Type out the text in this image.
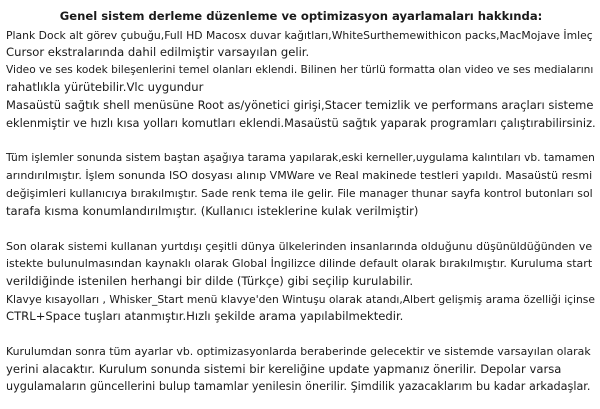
Genel sistem derleme düzenleme ve optimizasyon ayarlamaları hakkında:
Plank Dock alt görev çubuğu,Full HD Macosx duvar kağıtları,WhiteSurthemewithicon packs,MacMojave İmleç
Cursor ekstralarında dahil edilmiştir varsayılan gelir.
Video ve ses kodek bileşenlerini temel olanları eklendi. Bilinen her türlü formatta olan video ve ses medialarını
rahatlıkla yürütebilir.Vlc uygundur
Masaüstü sağtık shell menüsüne Root as/yönetici girişi,Stacer temizlik ve performans araçları sisteme
eklenmiştir ve hızlı kısa yolları komutları eklendi.Masaüstü sağtık yaparak programları çalıştırabilirsiniz.
Tüm işlemler sonunda sistem baştan aşağıya tarama yapılarak,eski kerneller,uygulama kalıntıları vb. tamamen
arındırılmıştır. İşlem sonunda ISO dosyası alınıp VMWare ve Real makinede testleri yapıldı. Masaüstü resmi
değişimleri kullanıcıya bırakılmıştır. Sade renk tema ile gelir. File manager thunar sayfa kontrol butonları sol
tarafa kısma konumlandırılmıştır. (Kullanıcı isteklerine kulak verilmiştir)
Son olarak sistemi kullanan yurtdışı çeşitli dünya ülkelerinden insanlarında olduğunu düşünüldüğünden ve
istekte bulunulmasından kaynaklı olarak Global İngilizce dilinde default olarak bırakılmıştır. Kuruluma start
verildiğinde istenilen herhangi bir dilde (Türkçe) gibi seçilip kurulabilir.
Klavye kısayolları , Whisker_Start menü klavye'den Wintuşu olarak atandı,Albert gelişmiş arama özelliği içinse
CTRL+Space tuşları atanmıştır.Hızlı şekilde arama yapılabilmektedir.
Kurulumdan sonra tüm ayarlar vb. optimizasyonlarda beraberinde gelecektir ve sistemde varsayılan olarak
yerini alacaktır. Kurulum sonunda sistemi bir kereliğine update yapmanız önerilir. Depolar varsa
uygulamaların güncellerini bulup tamamlar yenilesin önerilir. Şimdilik yazacaklarım bu kadar arkadaşlar.
